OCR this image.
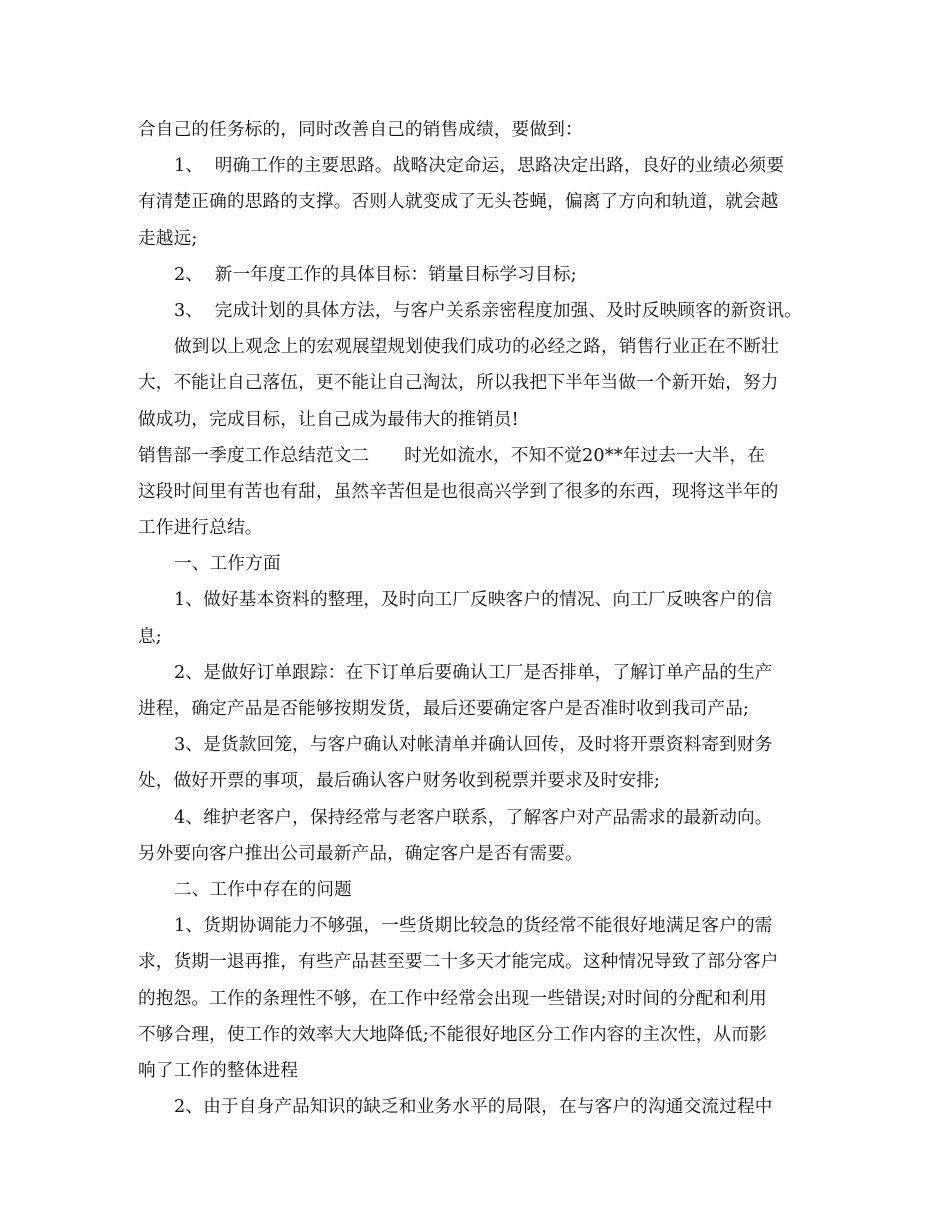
合自己的任务标的，同时改善自己的销售成绩，要做到：
1、  明确工作的主要思路。战略决定命运，思路决定出路，良好的业绩必须要
有清楚正确的思路的支撑。否则人就变成了无头苍蝇，偏离了方向和轨道，就会越
走越远;
2、  新一年度工作的具体目标：销量目标学习目标;
3、  完成计划的具体方法，与客户关系亲密程度加强、及时反映顾客的新资讯。
做到以上观念上的宏观展望规划使我们成功的必经之路，销售行业正在不断壮
大，不能让自己落伍，更不能让自己淘汰，所以我把下半年当做一个新开始，努力
做成功，完成目标，让自己成为最伟大的推销员!
销售部一季度工作总结范文二      时光如流水，不知不觉20**年过去一大半，在
这段时间里有苦也有甜，虽然辛苦但是也很高兴学到了很多的东西，现将这半年的
工作进行总结。
一、工作方面
1、做好基本资料的整理，及时向工厂反映客户的情况、向工厂反映客户的信
息;
2、是做好订单跟踪：在下订单后要确认工厂是否排单，了解订单产品的生产
进程，确定产品是否能够按期发货，最后还要确定客户是否准时收到我司产品;
3、是货款回笼，与客户确认对帐清单并确认回传，及时将开票资料寄到财务
处，做好开票的事项，最后确认客户财务收到税票并要求及时安排;
4、维护老客户，保持经常与老客户联系，了解客户对产品需求的最新动向。
另外要向客户推出公司最新产品，确定客户是否有需要。
二、工作中存在的问题
1、货期协调能力不够强，一些货期比较急的货经常不能很好地满足客户的需
求，货期一退再推，有些产品甚至要二十多天才能完成。这种情况导致了部分客户
的抱怨。工作的条理性不够，在工作中经常会出现一些错误;对时间的分配和利用
不够合理，使工作的效率大大地降低;不能很好地区分工作内容的主次性，从而影
响了工作的整体进程
2、由于自身产品知识的缺乏和业务水平的局限，在与客户的沟通交流过程中
